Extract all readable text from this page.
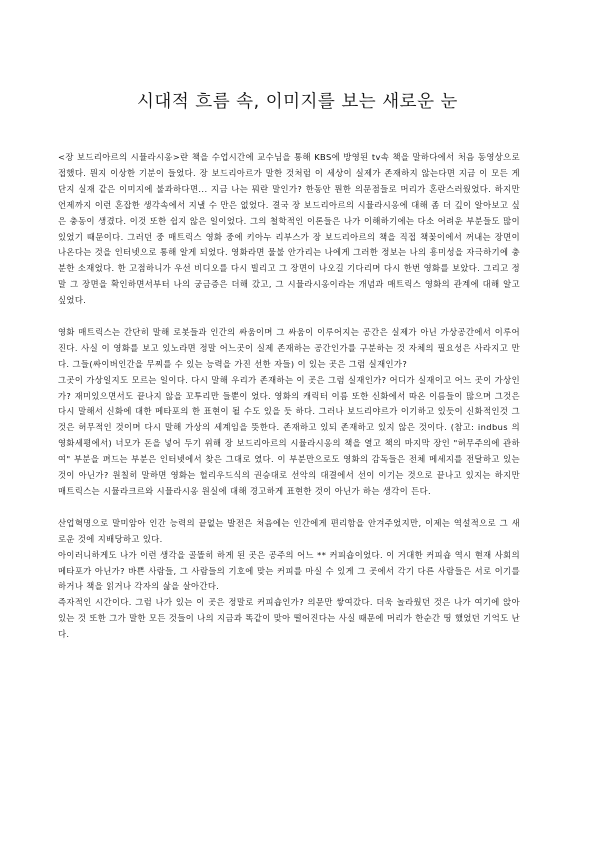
시대적 흐름 속, 이미지를 보는 새로운 눈

<장 보드리아르의 시뮬라시옹>란 책을 수업시간에 교수님을 통해 KBS에 방영된 tv속 책을 말하다에서 처음 동영상으로 접했다. 뭔지 이상한 기분이 들었다. 장 보드리아르가 말한 것처럼 이 세상이 실제가 존재하지 않는다면 지금 이 모든 게 단지 실재 같은 이미지에 불과하다면... 지금 나는 뭐란 말인가? 한동안 뭔한 의문점들로 머리가 혼란스러웠었다. 하지만 언제까지 이런 혼잡한 생각속에서 지낼 수 만은 없었다. 결국 장 보드리아르의 시뮬라시옹에 대해 좀 더 깊이 알아보고 싶은 충동이 생겼다. 이것 또한 쉽지 않은 일이었다. 그의 철학적인 이론들은 나가 이해하기에는 다소 어려운 부분들도 많이 있었기 때문이다. 그러던 중 매트릭스 영화 중에 키아누 리부스가 장 보드리아르의 책을 직접 책꽂이에서 꺼내는 장면이 나온다는 것을 인터넷으로 통해 알게 되었다. 영화라면 물불 안가리는 나에게 그러한 정보는 나의 흥미성을 자극하기에 충분한 소재었다. 한 고점하니가 우선 비디오를 다시 빌리고 그 장면이 나오길 기다리며 다시 한번 영화를 보았다. 그리고 정말 그 장면을 확인하면서부터 나의 궁금증은 더해 갔고, 그 시뮬라시옹이라는 개념과 매트릭스 영화의 관계에 대해 알고 싶었다.

영화 매트릭스는 간단히 말해 로봇들과 인간의 싸움이며 그 싸움이 이루어지는 공간은 실제가 아닌 가상공간에서 이루어진다. 사실 이 영화를 보고 있노라면 정말 어느곳이 실제 존재하는 공간인가를 구분하는 것 자체의 필요성은 사라지고 만다. 그들(싸이버인간을 무찌를 수 있는 능력을 가진 선한 자들) 이 있는 곳은 그럼 실재인가?

그곳이 가상일지도 모르는 일이다. 다시 말해 우리가 존재하는 이 곳은 그럼 실재인가? 어디가 실재이고 어느 곳이 가상인가? 재미있으면서도 끝나지 않을 꼬투리만 들뿐이 었다. 영화의 캐릭터 이름 또한 신화에서 따온 이름들이 많으며 그것은 다시 말해서 신화에 대한 메타포의 한 표현이 될 수도 있을 듯 하다. 그러나 보드리야르가 이기하고 있듯이 신화적인것 그것은 허무적인 것이며 다시 말해 가상의 세계임을 뜻한다. 존재하고 있되 존재하고 있지 않은 것이다. (참고: indbus 의 영화세평에서) 너모가 돈을 넣어 두기 위해 장 보드리아르의 시뮬라시옹의 책을 열고 책의 마지막 장인 "허무주의에 관하여" 부분을 펴드는 부분은 인터넷에서 찾은 그대로 였다. 이 부분만으로도 영화의 감독들은 전체 메세지를 전달하고 있는 것이 아닌가? 원칠히 말하면 영화는 헐리우드식의 권승대로 선악의 대결에서 선이 이기는 것으로 끝나고 있지는 하지만 매트릭스는 시뮬라크르와 시뮬라시옹 원실에 대해 경고하게 표현한 것이 아닌가 하는 생각이 든다.

산업혁명으로 말미암아 인간 능력의 끝없는 발전은 처음에는 인간에게 편리함을 안겨주었지만, 이제는 역설적으로 그 새로운 것에 지배당하고 있다.

아이러니하게도 나가 이런 생각을 골똘히 하게 된 곳은 공주의 어느 ** 커피숍이었다. 이 거대한 커피숍 역시 현재 사회의 메타포가 아닌가? 바쁜 사람들, 그 사람들의 기호에 맞는 커피를 마실 수 있게 그 곳에서 각기 다른 사람들은 서로 이기를 하거나 책을 읽거나 각자의 삶을 살아간다.

즉자적인 시간이다. 그럼 나가 있는 이 곳은 정말로 커피숍인가? 의문만 쌓여갔다. 더욱 놀라웠던 것은 나가 여기에 앉아 있는 것 또한 그가 말한 모든 것들이 나의 지금과 똑같이 맞아 떨어진다는 사실 때문에 머리가 한순간 띵 했었던 기억도 난다.
